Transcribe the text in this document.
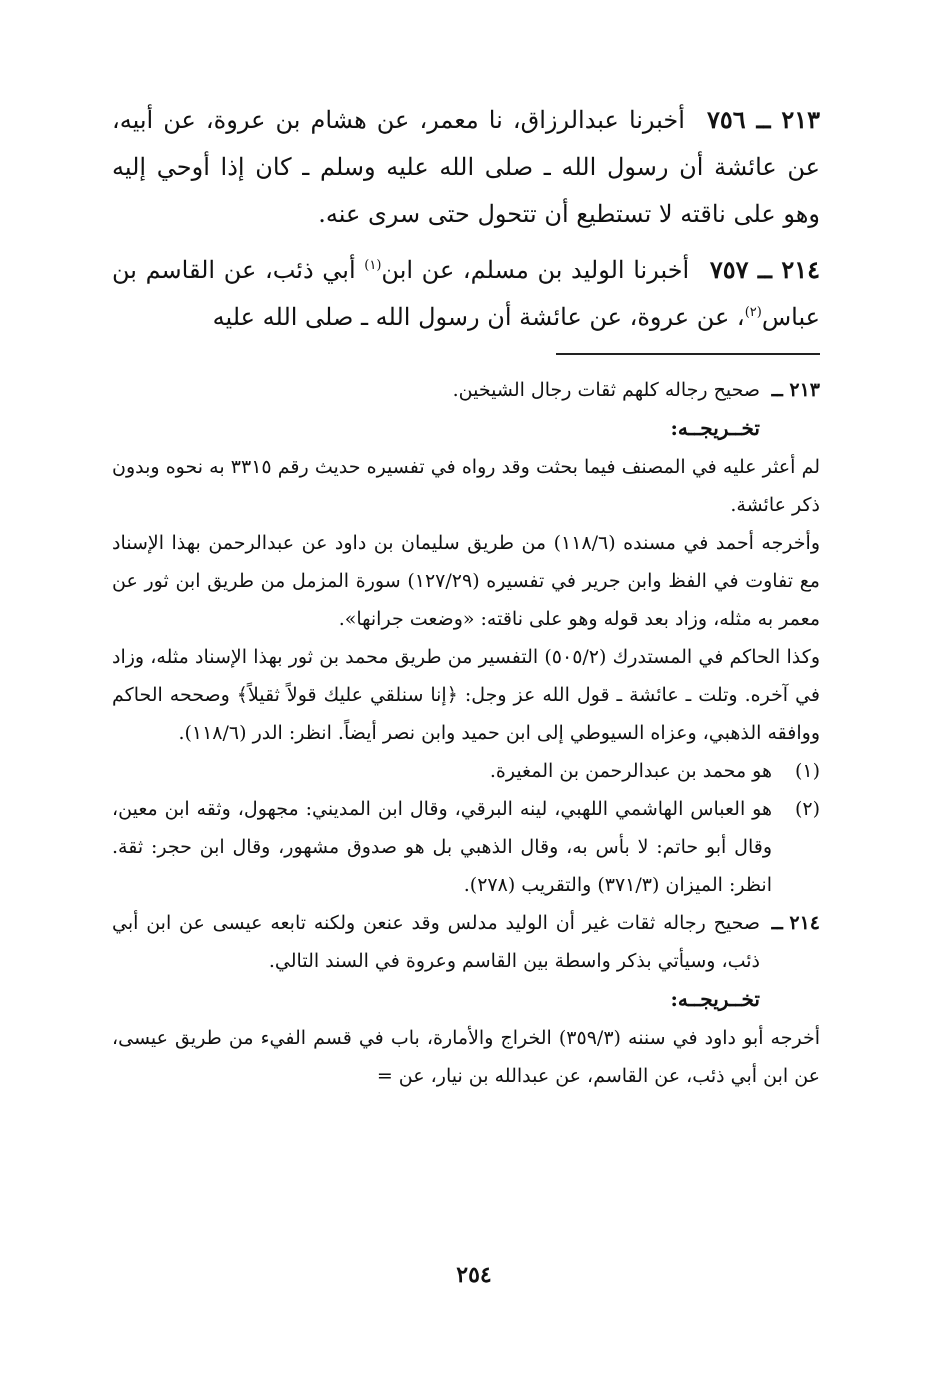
٢١٣ ــ ٧٥٦ أخبرنا عبدالرزاق، نا معمر، عن هشام بن عروة، عن أبيه، عن عائشة أن رسول الله ـ صلى الله عليه وسلم ـ كان إذا أوحي إليه وهو على ناقته لا تستطيع أن تتحول حتى سرى عنه.

٢١٤ ــ ٧٥٧ أخبرنا الوليد بن مسلم، عن ابن$^{(١)}$ أبي ذئب، عن القاسم بن عباس$^{(٢)}$، عن عروة، عن عائشة أن رسول الله ـ صلى الله عليه

٢١٣ ــ
صحيح رجاله كلهم ثقات رجال الشيخين.
تخــريجــه:

لم أعثر عليه في المصنف فيما بحثت وقد رواه في تفسيره حديث رقم ٣٣١٥ به نحوه وبدون ذكر عائشة.

وأخرجه أحمد في مسنده (١١٨/٦) من طريق سليمان بن داود عن عبدالرحمن بهذا الإسناد مع تفاوت في الفظ وابن جرير في تفسيره (١٢٧/٢٩) سورة المزمل من طريق ابن ثور عن معمر به مثله، وزاد بعد قوله وهو على ناقته: «وضعت جرانها».

وكذا الحاكم في المستدرك (٥٠٥/٢) التفسير من طريق محمد بن ثور بهذا الإسناد مثله، وزاد في آخره. وتلت ـ عائشة ـ قول الله عز وجل: ﴿إنا سنلقي عليك قولاً ثقيلاً﴾ وصححه الحاكم ووافقه الذهبي، وعزاه السيوطي إلى ابن حميد وابن نصر أيضاً. انظر: الدر (١١٨/٦).

(١)
هو محمد بن عبدالرحمن بن المغيرة.
(٢)
هو العباس الهاشمي اللهبي، لينه البرقي، وقال ابن المديني: مجهول، وثقه ابن معين، وقال أبو حاتم: لا بأس به، وقال الذهبي بل هو صدوق مشهور، وقال ابن حجر: ثقة. انظر: الميزان (٣٧١/٣) والتقريب (٢٧٨).
٢١٤ ــ
صحيح رجاله ثقات غير أن الوليد مدلس وقد عنعن ولكنه تابعه عيسى عن ابن أبي ذئب، وسيأتي بذكر واسطة بين القاسم وعروة في السند التالي.
تخــريجــه:

أخرجه أبو داود في سننه (٣٥٩/٣) الخراج والأمارة، باب في قسم الفيء من طريق عيسى، عن ابن أبي ذئب، عن القاسم، عن عبدالله بن نيار، عن =

٢٥٤
